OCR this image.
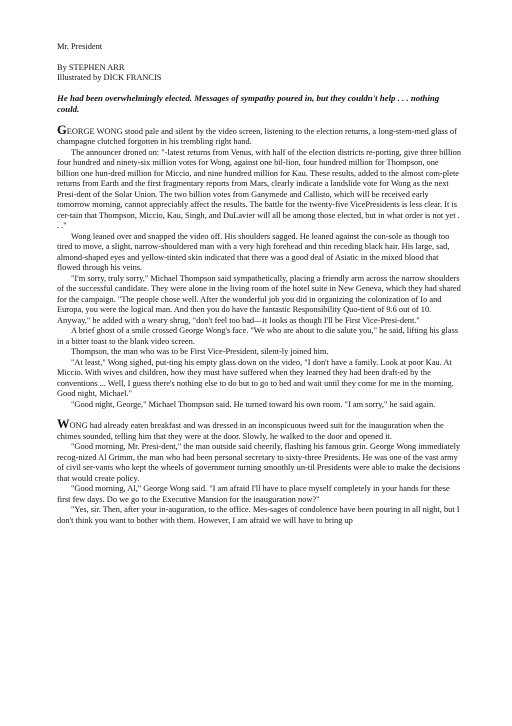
Mr. President

By STEPHEN ARR

Illustrated by DICK FRANCIS

He had been overwhelmingly elected. Messages of sympathy poured in, but they couldn't help . . . nothing could.

GEORGE WONG stood pale and silent by the video screen, listening to the election returns, a long-stem-med glass of champagne clutched forgotten in his trembling right hand.

The announcer droned on: "-latest returns from Venus, with half of the election districts re-porting, give three billion four hundred and ninety-six million votes for Wong, against one bil-lion, four hundred million for Thompson, one billion one hun-dred million for Miccio, and nine hundred million for Kau. These results, added to the almost com-plete returns from Earth and the first fragmentary reports from Mars, clearly indicate a landslide vote for Wong as the next Presi-dent of the Solar Union. The two billion votes from Ganymede and Callisto, which will be received early tomorrow morning, cannot appreciably affect the results. The battle for the twenty-five VicePresidents is less clear. It is cer-tain that Thompson, Miccio, Kau, Singh, and DuLavier will all be among those elected, but in what order is not yet . . ."

Wong leaned over and snapped the video off. His shoulders sagged. He leaned against the con-sole as though too tired to move, a slight, narrow-shouldered man with a very high forehead and thin receding black hair. His large, sad, almond-shaped eyes and yellow-tinted skin indicated that there was a good deal of Asiatic in the mixed blood that flowed through his veins.

"I'm sorry, truly sorry," Michael Thompson said sympathetically, placing a friendly arm across the narrow shoulders of the successful candidate. They were alone in the living room of the hotel suite in New Geneva, which they had shared for the campaign. "The people chose well. After the wonderful job you did in organizing the colonization of Io and Europa, you were the logical man. And then you do have the fantastic Responsibility Quo-tient of 9.6 out of 10. Anyway," he added with a weary shrug, "don't feel too bad—it looks as though I'll be First Vice-Presi-dent."

A brief ghost of a smile crossed George Wong's face. "We who are about to die salute you," he said, lifting his glass in a bitter toast to the blank video screen.

Thompson, the man who was to be First Vice-President, silent-ly joined him.

"At least," Wong sighed, put-ting his empty glass down on the video, "I don't have a family. Look at poor Kau. At Miccio. With wives and children, how they must have suffered when they learned they had been draft-ed by the conventions ... Well, I guess there's nothing else to do but to go to bed and wait until they come for me in the morning. Good night, Michael."

"Good night, George," Michael Thompson said. He turned toward his own room. "I am sorry," he said again.

WONG had already eaten breakfast and was dressed in an inconspicuous tweed suit for the inauguration when the chimes sounded, telling him that they were at the door. Slowly, he walked to the door and opened it.

"Good morning, Mr. Presi-dent," the man outside said cheerily, flashing his famous grin. George Wong immediately recog-nized Al Grimm, the man who had been personal secretary to sixty-three Presidents. He was one of the vast army of civil ser-vants who kept the wheels of government turning smoothly un-til Presidents were able to make the decisions that would create policy.

"Good morning, Al," George Wong said. "I am afraid I'll have to place myself completely in your hands for these first few days. Do we go to the Executive Mansion for the inauguration now?"

"Yes, sir. Then, after your in-auguration, to the office. Mes-sages of condolence have been pouring in all night, but I don't think you want to bother with them. However, I am afraid we will have to bring up
